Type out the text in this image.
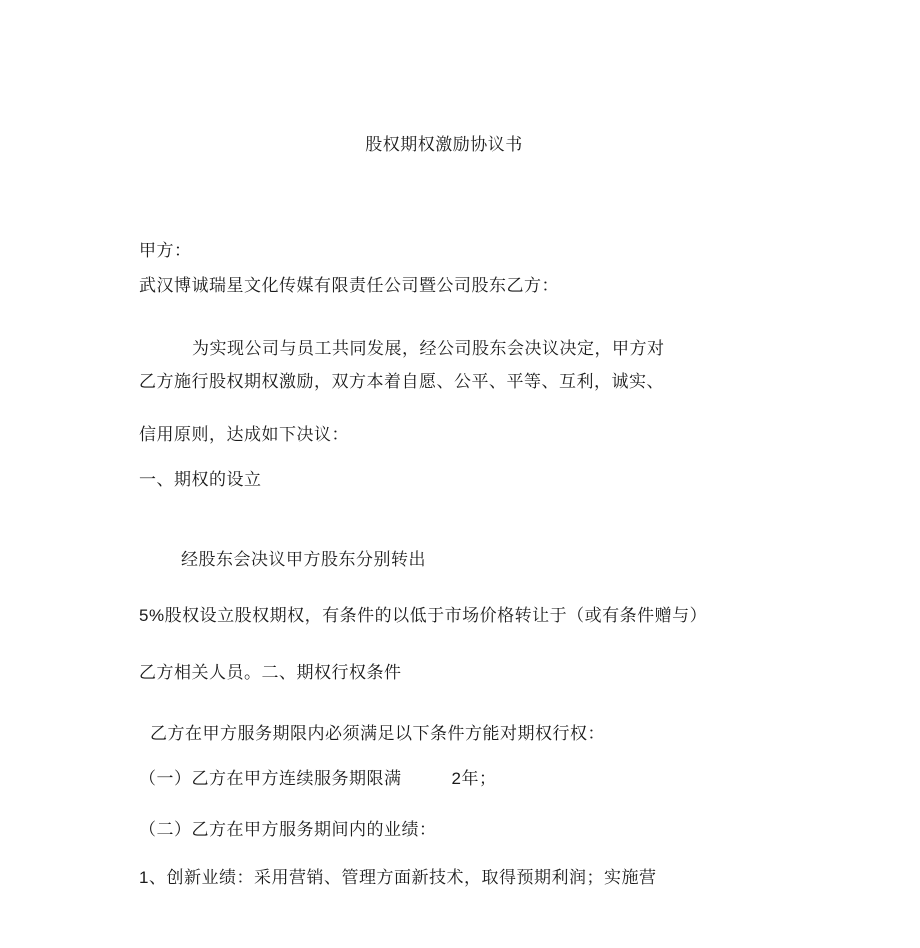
股权期权激励协议书
甲方：
武汉博诚瑞星文化传媒有限责任公司暨公司股东乙方：
为实现公司与员工共同发展，经公司股东会决议决定，甲方对
乙方施行股权期权激励，双方本着自愿、公平、平等、互利，诚实、
信用原则，达成如下决议：
一、期权的设立
经股东会决议甲方股东分别转出
5%股权设立股权期权，有条件的以低于市场价格转让于（或有条件赠与）
乙方相关人员。二、期权行权条件
乙方在甲方服务期限内必须满足以下条件方能对期权行权：
（一）乙方在甲方连续服务期限满	2年；
（二）乙方在甲方服务期间内的业绩：
1、创新业绩：采用营销、管理方面新技术，取得预期利润；实施营
